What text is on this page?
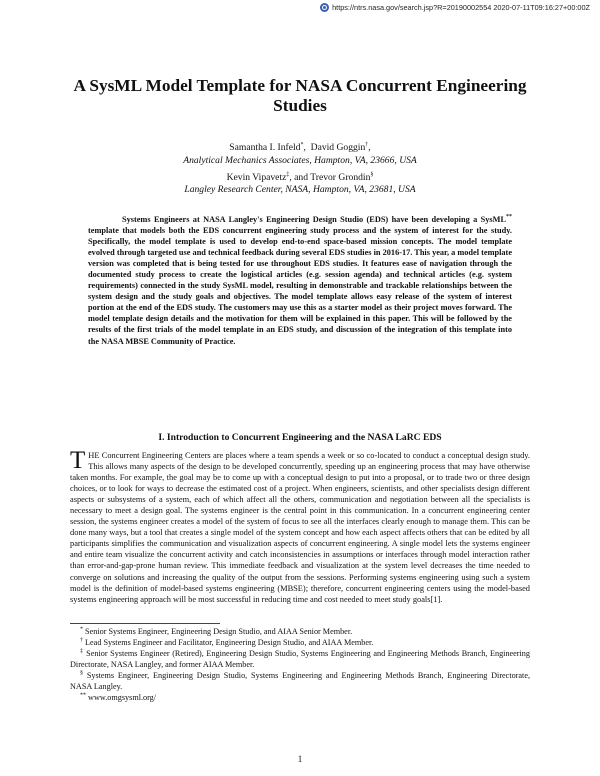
https://ntrs.nasa.gov/search.jsp?R=20190002554
2020-07-11T09:16:27+00:00Z
A SysML Model Template for NASA Concurrent Engineering Studies
Samantha I. Infeld*,  David Goggin†,
Analytical Mechanics Associates, Hampton, VA, 23666, USA
Kevin Vipavetz‡, and Trevor Grondin§
Langley Research Center, NASA, Hampton, VA, 23681, USA

Systems Engineers at NASA Langley's Engineering Design Studio (EDS) have been developing a SysML** template that models both the EDS concurrent engineering study process and the system of interest for the study. Specifically, the model template is used to develop end-to-end space-based mission concepts. The model template evolved through targeted use and technical feedback during several EDS studies in 2016-17. This year, a model template version was completed that is being tested for use throughout EDS studies. It features ease of navigation through the documented study process to create the logistical articles (e.g. session agenda) and technical articles (e.g. system requirements) connected in the study SysML model, resulting in demonstrable and trackable relationships between the system design and the study goals and objectives. The model template allows easy release of the system of interest portion at the end of the EDS study. The customers may use this as a starter model as their project moves forward. The model template design details and the motivation for them will be explained in this paper. This will be followed by the results of the first trials of the model template in an EDS study, and discussion of the integration of this template into the NASA MBSE Community of Practice.

I. Introduction to Concurrent Engineering and the NASA LaRC EDS

THE Concurrent Engineering Centers are places where a team spends a week or so co-located to conduct a conceptual design study. This allows many aspects of the design to be developed concurrently, speeding up an engineering process that may have otherwise taken months. For example, the goal may be to come up with a conceptual design to put into a proposal, or to trade two or three design choices, or to look for ways to decrease the estimated cost of a project. When engineers, scientists, and other specialists design different aspects or subsystems of a system, each of which affect all the others, communication and negotiation between all the specialists is necessary to meet a design goal. The systems engineer is the central point in this communication. In a concurrent engineering center session, the systems engineer creates a model of the system of focus to see all the interfaces clearly enough to manage them. This can be done many ways, but a tool that creates a single model of the system concept and how each aspect affects others that can be edited by all participants simplifies the communication and visualization aspects of concurrent engineering. A single model lets the systems engineer and entire team visualize the concurrent activity and catch inconsistencies in assumptions or interfaces through model interaction rather than error-and-gap-prone human review. This immediate feedback and visualization at the system level decreases the time needed to converge on solutions and increasing the quality of the output from the sessions. Performing systems engineering using such a system model is the definition of model-based systems engineering (MBSE); therefore, concurrent engineering centers using the model-based systems engineering approach will be most successful in reducing time and cost needed to meet study goals[1].

* Senior Systems Engineer, Engineering Design Studio, and AIAA Senior Member.

† Lead Systems Engineer and Facilitator, Engineering Design Studio, and AIAA Member.

‡ Senior Systems Engineer (Retired), Engineering Design Studio, Systems Engineering and Engineering Methods Branch, Engineering Directorate, NASA Langley, and former AIAA Member.

§ Systems Engineer, Engineering Design Studio, Systems Engineering and Engineering Methods Branch, Engineering Directorate, NASA Langley.

** www.omgsysml.org/

1
